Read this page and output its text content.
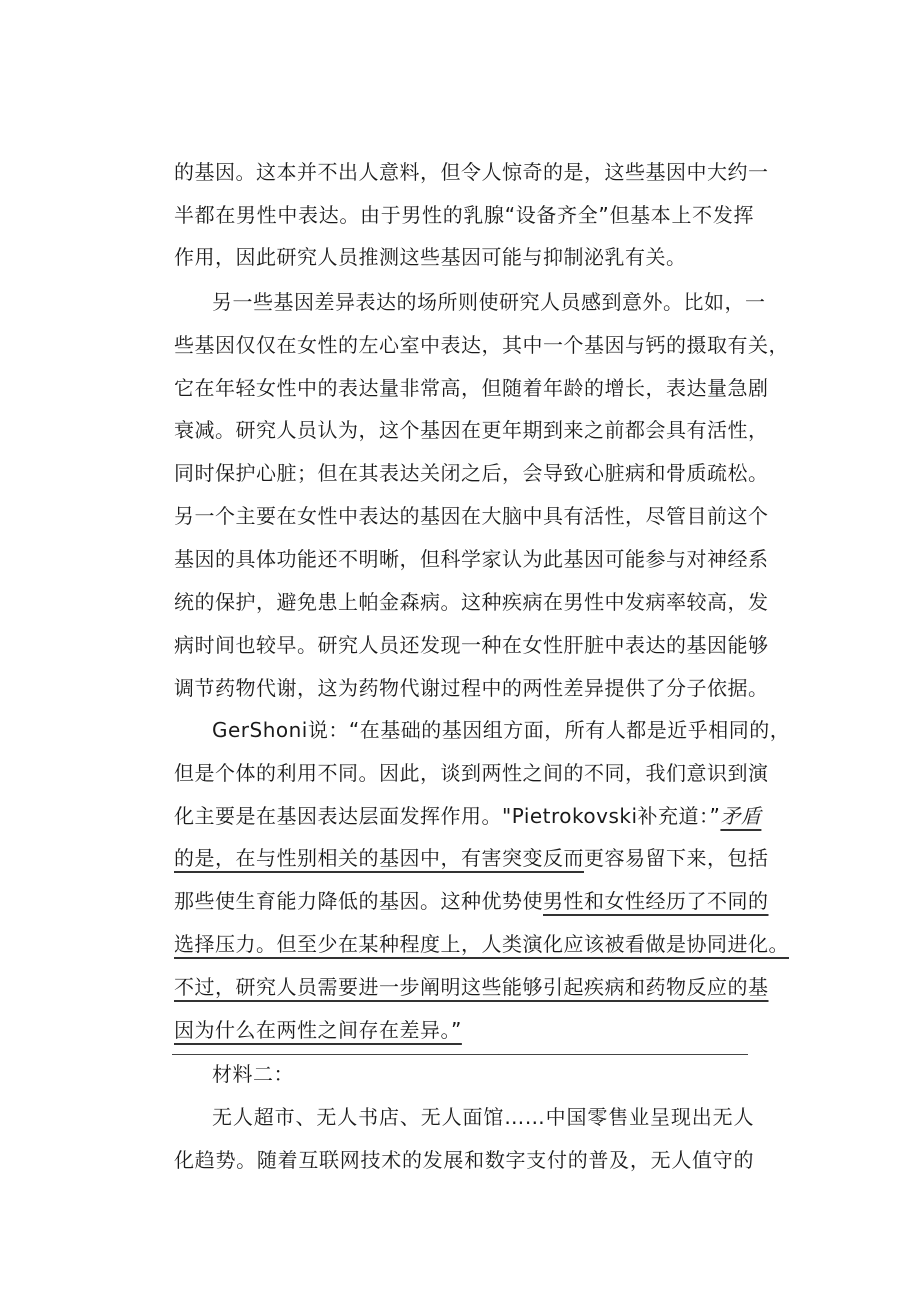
的基因。这本并不出人意料，但令人惊奇的是，这些基因中大约一
半都在男性中表达。由于男性的乳腺“设备齐全”但基本上不发挥
作用，因此研究人员推测这些基因可能与抑制泌乳有关。
另一些基因差异表达的场所则使研究人员感到意外。比如，一
些基因仅仅在女性的左心室中表达，其中一个基因与钙的摄取有关，
它在年轻女性中的表达量非常高，但随着年龄的增长，表达量急剧
衰减。研究人员认为，这个基因在更年期到来之前都会具有活性，
同时保护心脏；但在其表达关闭之后，会导致心脏病和骨质疏松。
另一个主要在女性中表达的基因在大脑中具有活性，尽管目前这个
基因的具体功能还不明晰，但科学家认为此基因可能参与对神经系
统的保护，避免患上帕金森病。这种疾病在男性中发病率较高，发
病时间也较早。研究人员还发现一种在女性肝脏中表达的基因能够
调节药物代谢，这为药物代谢过程中的两性差异提供了分子依据。
GerShoni说：“在基础的基因组方面，所有人都是近乎相同的，
但是个体的利用不同。因此，谈到两性之间的不同，我们意识到演
化主要是在基因表达层面发挥作用。"Pietrokovski补充道：”矛盾
的是，在与性别相关的基因中，有害突变反而更容易留下来，包括
那些使生育能力降低的基因。这种优势使男性和女性经历了不同的
选择压力。但至少在某种程度上，人类演化应该被看做是协同进化。
不过，研究人员需要进一步阐明这些能够引起疾病和药物反应的基
因为什么在两性之间存在差异。”
材料二：
无人超市、无人书店、无人面馆……中国零售业呈现出无人
化趋势。随着互联网技术的发展和数字支付的普及，无人值守的
